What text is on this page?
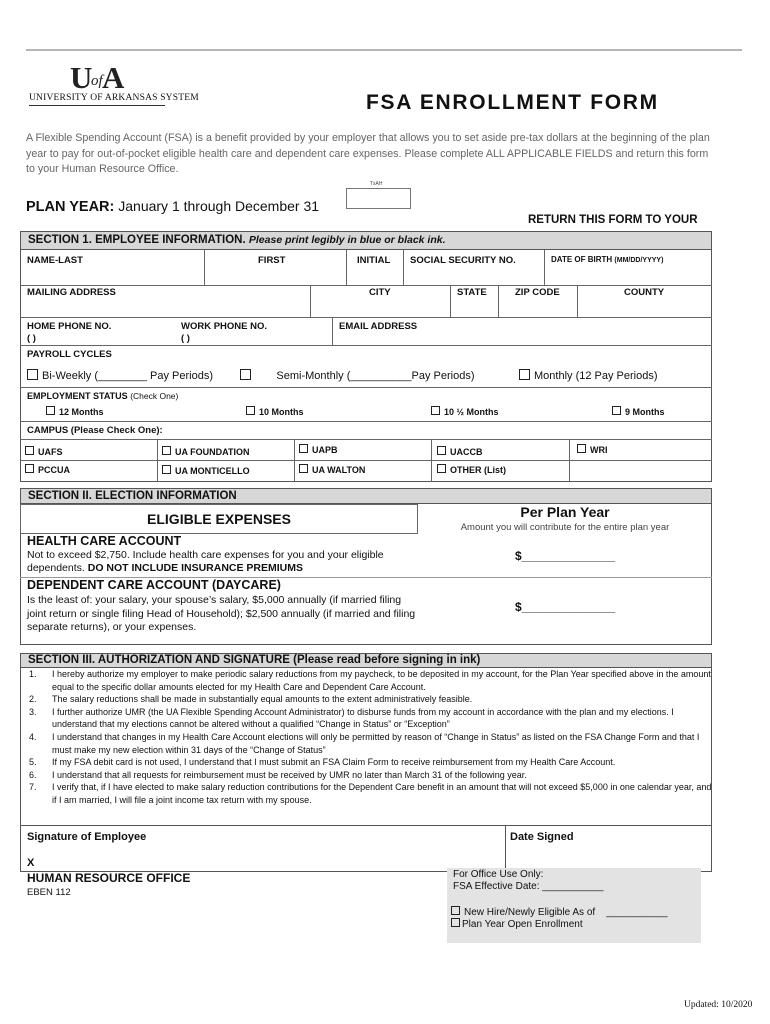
U
of A
UNIVERSITY OF ARKANSAS SYSTEM	FSA ENROLLMENT FORM
A Flexible Spending Account (FSA) is a benefit provided by your employer that allows you to set aside pre-tax dollars at the beginning of the plan year to pay for out-of-pocket eligible health care and dependent care expenses. Please complete ALL APPLICABLE FIELDS and return this form to your Human Resource Office.
PLAN YEAR: January 1 through December 31
TxAH
RETURN THIS FORM TO YOUR
SECTION 1. EMPLOYEE INFORMATION. Please print legibly in blue or black ink.
NAME-LAST	FIRST	INITIAL SOCIAL SECURITY NO.	DATE OF BIRTH (MM/DD/YYYY)
MAILING ADDRESS	CITY	STATE	ZIP CODE	COUNTY
HOME PHONE NO.
( )
WORK PHONE NO.
( )
EMAIL ADDRESS
PAYROLL CYCLES
Bi-Weekly (________ Pay Periods)	Semi-Monthly (__________Pay Periods)	Monthly (12 Pay Periods)
EMPLOYMENT STATUS (Check One)
12 Months	10 Months	10 ½ Months	9 Months
CAMPUS (Please Check One):
UAFS	UA FOUNDATION	UAPB	UACCB	WRI
PCCUA	UA MONTICELLO	UA WALTON	OTHER (List)
SECTION II. ELECTION INFORMATION
ELIGIBLE EXPENSES	Per Plan Year
Amount you will contribute for the entire plan year
HEALTH CARE ACCOUNT
Not to exceed $2,750. Include health care expenses for you and your eligible dependents. DO NOT INCLUDE INSURANCE PREMIUMS
$______________
DEPENDENT CARE ACCOUNT (DAYCARE)
Is the least of: your salary, your spouse’s salary, $5,000 annually (if married filing joint return or single filing Head of Household); $2,500 annually (if married and filing separate returns), or your expenses.
$______________
SECTION III. AUTHORIZATION AND SIGNATURE (Please read before signing in ink)
1. I hereby authorize my employer to make periodic salary reductions from my paycheck, to be deposited in my account, for the Plan Year specified above in the amount equal to the specific dollar amounts elected for my Health Care and Dependent Care Account.
2. The salary reductions shall be made in substantially equal amounts to the extent administratively feasible.
3. I further authorize UMR (the UA Flexible Spending Account Administrator) to disburse funds from my account in accordance with the plan and my elections. I understand that my elections cannot be altered without a qualified “Change in Status” or “Exception”
4. I understand that changes in my Health Care Account elections will only be permitted by reason of “Change in Status” as listed on the FSA Change Form and that I must make my new election within 31 days of the “Change of Status”
5. If my FSA debit card is not used, I understand that I must submit an FSA Claim Form to receive reimbursement from my Health Care Account.
6. I understand that all requests for reimbursement must be received by UMR no later than March 31 of the following year.
7. I verify that, if I have elected to make salary reduction contributions for the Dependent Care benefit in an amount that will not exceed $5,000 in one calendar year, and if I am married, I will file a joint income tax return with my spouse.
Signature of Employee	Date Signed
X
HUMAN RESOURCE OFFICE
EBEN 112
For Office Use Only:
FSA Effective Date: ___________
New Hire/Newly Eligible As of ___________
Plan Year Open Enrollment
Updated: 10/2020
